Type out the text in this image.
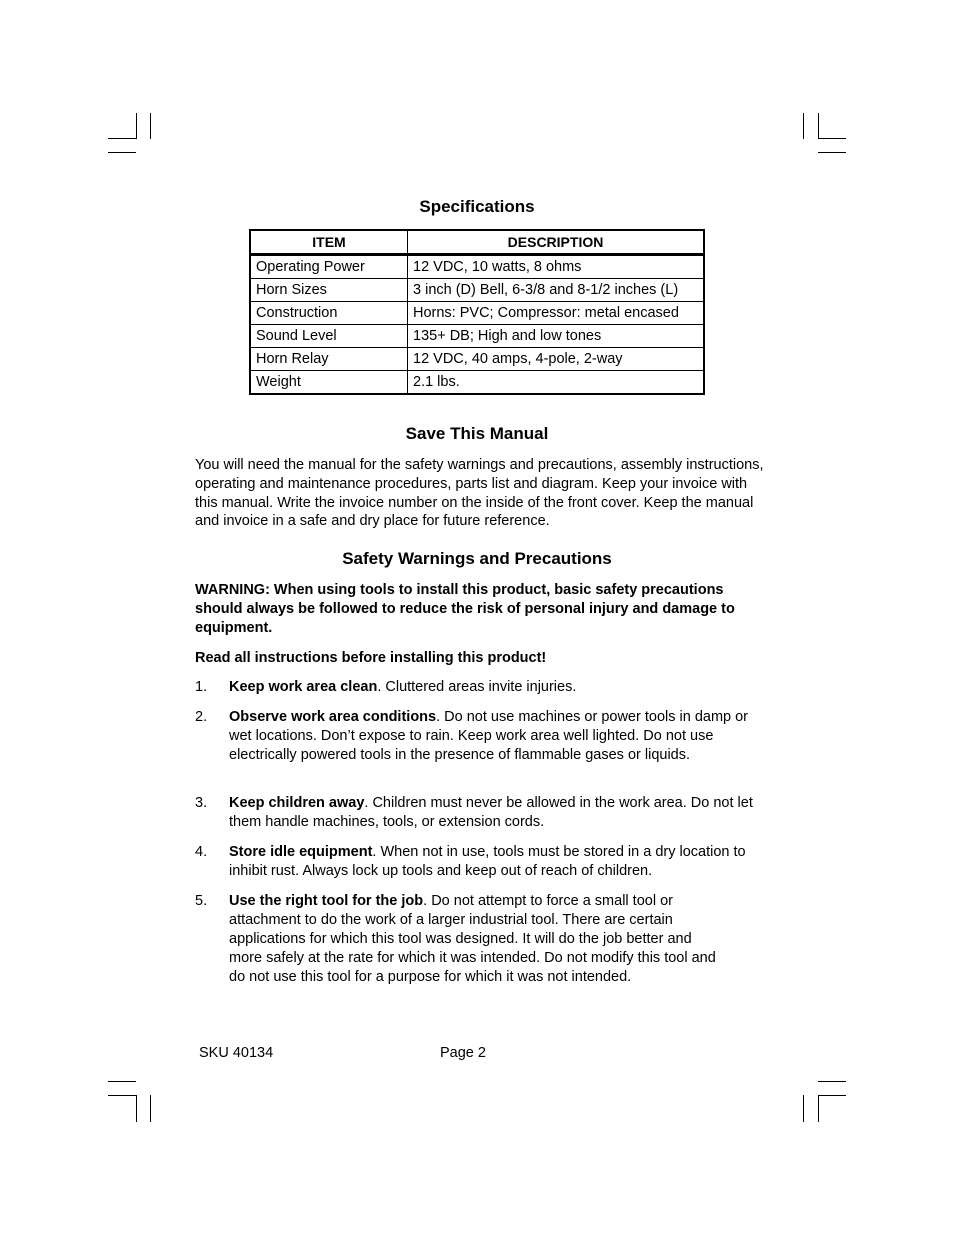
Specifications
ITEM	DESCRIPTION
Operating Power	12 VDC, 10 watts, 8 ohms
Horn Sizes	3 inch (D) Bell, 6-3/8 and 8-1/2 inches (L)
Construction	Horns: PVC; Compressor: metal encased
Sound Level	135+ DB; High and low tones
Horn Relay	12 VDC, 40 amps, 4-pole, 2-way
Weight	2.1 lbs.
Save This Manual
You will need the manual for the safety warnings and precautions, assembly instructions, operating and maintenance procedures, parts list and diagram. Keep your invoice with this manual. Write the invoice number on the inside of the front cover. Keep the manual and invoice in a safe and dry place for future reference.
Safety Warnings and Precautions
WARNING: When using tools to install this product, basic safety precautions should always be followed to reduce the risk of personal injury and damage to equipment.
Read all instructions before installing this product!
1.	Keep work area clean. Cluttered areas invite injuries.
2.	Observe work area conditions. Do not use machines or power tools in damp or wet locations. Don’t expose to rain. Keep work area well lighted. Do not use electrically powered tools in the presence of flammable gases or liquids.
3.	Keep children away. Children must never be allowed in the work area. Do not let them handle machines, tools, or extension cords.
4.	Store idle equipment. When not in use, tools must be stored in a dry location to inhibit rust. Always lock up tools and keep out of reach of children.
5.	Use the right tool for the job. Do not attempt to force a small tool or attachment to do the work of a larger industrial tool. There are certain applications for which this tool was designed. It will do the job better and more safely at the rate for which it was intended. Do not modify this tool and do not use this tool for a purpose for which it was not intended.
SKU 40134	Page 2
